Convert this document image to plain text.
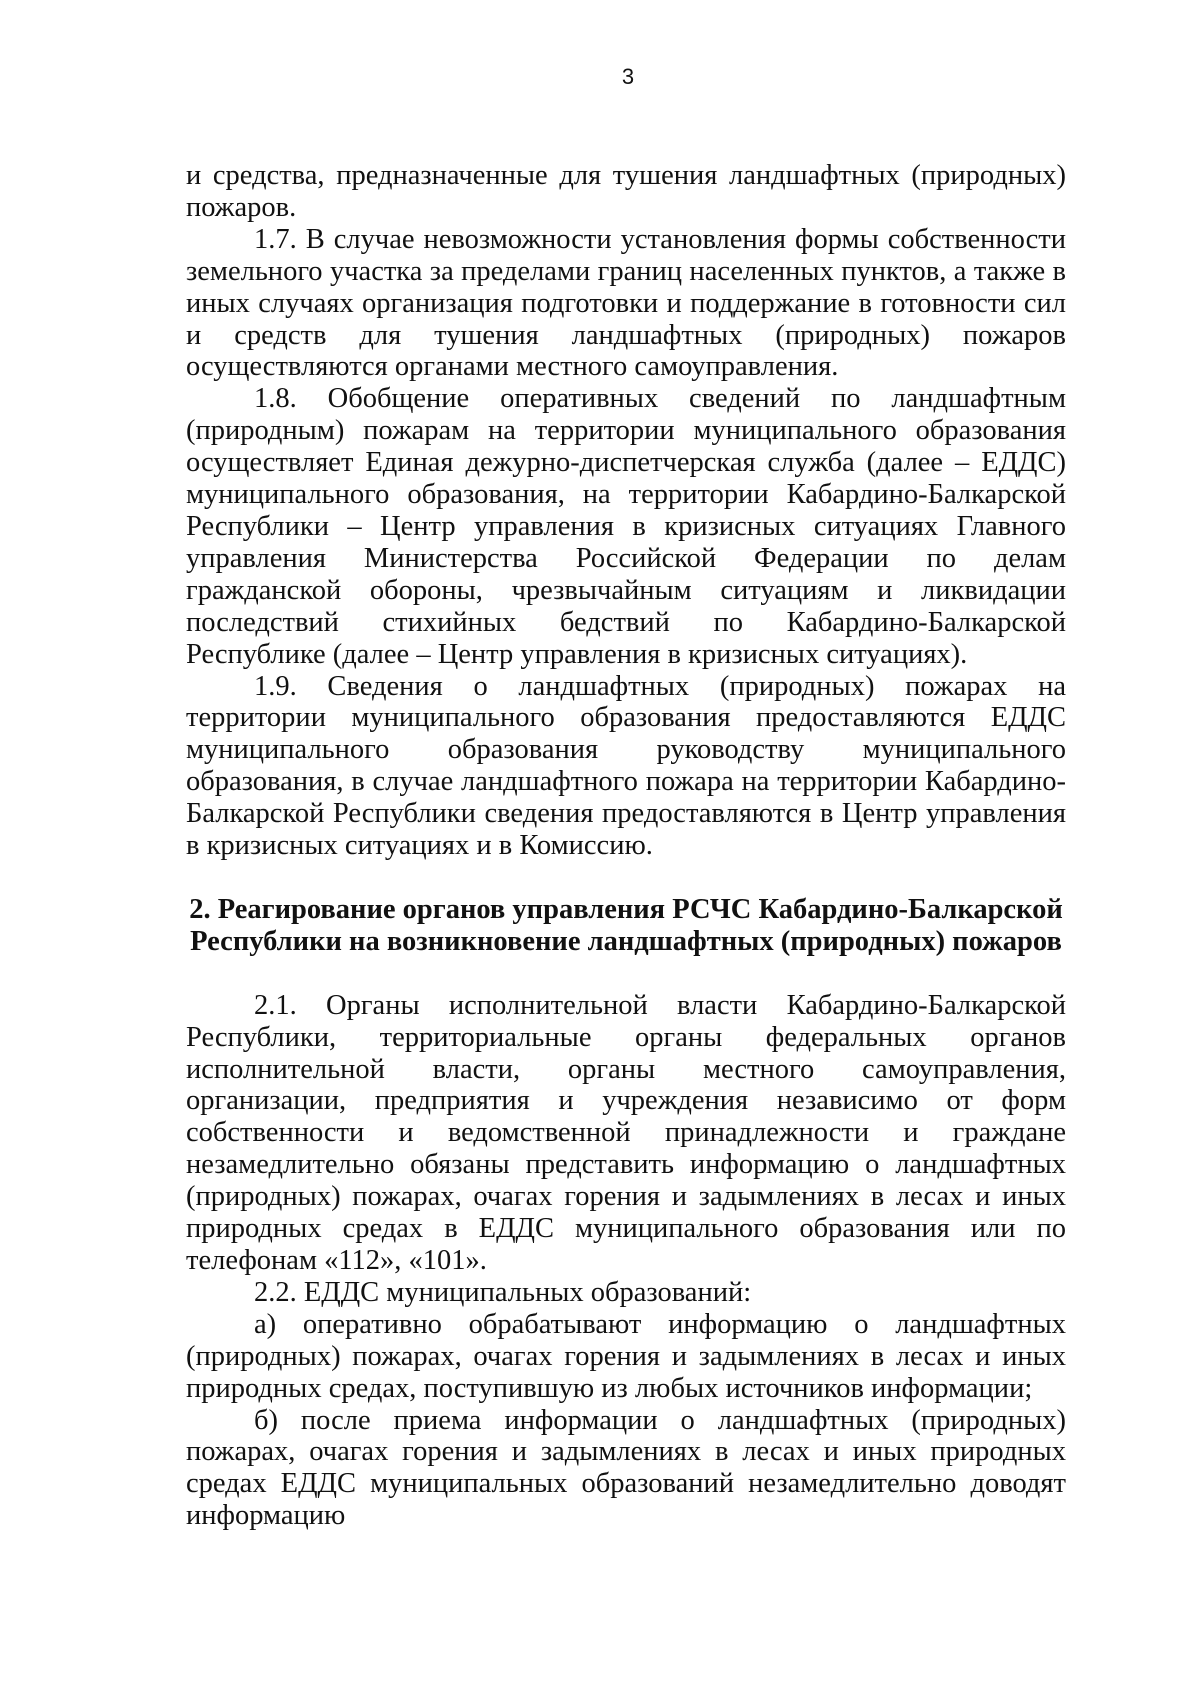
3

и средства, предназначенные для тушения ландшафтных (природных) пожаров.

1.7. В случае невозможности установления формы собственности земельного участка за пределами границ населенных пунктов, а также в иных случаях организация подготовки и поддержание в готовности сил и средств для тушения ландшафтных (природных) пожаров осуществляются органами местного самоуправления.

1.8. Обобщение оперативных сведений по ландшафтным (природным) пожарам на территории муниципального образования осуществляет Единая дежурно-диспетчерская служба (далее – ЕДДС) муниципального образования, на территории Кабардино-Балкарской Республики – Центр управления в кризисных ситуациях Главного управления Министерства Российской Федерации по делам гражданской обороны, чрезвычайным ситуациям и ликвидации последствий стихийных бедствий по Кабардино-Балкарской Республике (далее – Центр управления в кризисных ситуациях).

1.9. Сведения о ландшафтных (природных) пожарах на территории муниципального образования предоставляются ЕДДС муниципального образования руководству муниципального образования, в случае ландшафтного пожара на территории Кабардино-Балкарской Республики сведения предоставляются в Центр управления в кризисных ситуациях и в Комиссию.

2. Реагирование органов управления РСЧС Кабардино-Балкарской
Республики на возникновение ландшафтных (природных) пожаров

2.1. Органы исполнительной власти Кабардино-Балкарской Республики, территориальные органы федеральных органов исполнительной власти, органы местного самоуправления, организации, предприятия и учреждения независимо от форм собственности и ведомственной принадлежности и граждане незамедлительно обязаны представить информацию о ландшафтных (природных) пожарах, очагах горения и задымлениях в лесах и иных природных средах в ЕДДС муниципального образования или по телефонам «112», «101».

2.2. ЕДДС муниципальных образований:

а) оперативно обрабатывают информацию о ландшафтных (природных) пожарах, очагах горения и задымлениях в лесах и иных природных средах, поступившую из любых источников информации;

б) после приема информации о ландшафтных (природных) пожарах, очагах горения и задымлениях в лесах и иных природных средах ЕДДС муниципальных образований незамедлительно доводят информацию
